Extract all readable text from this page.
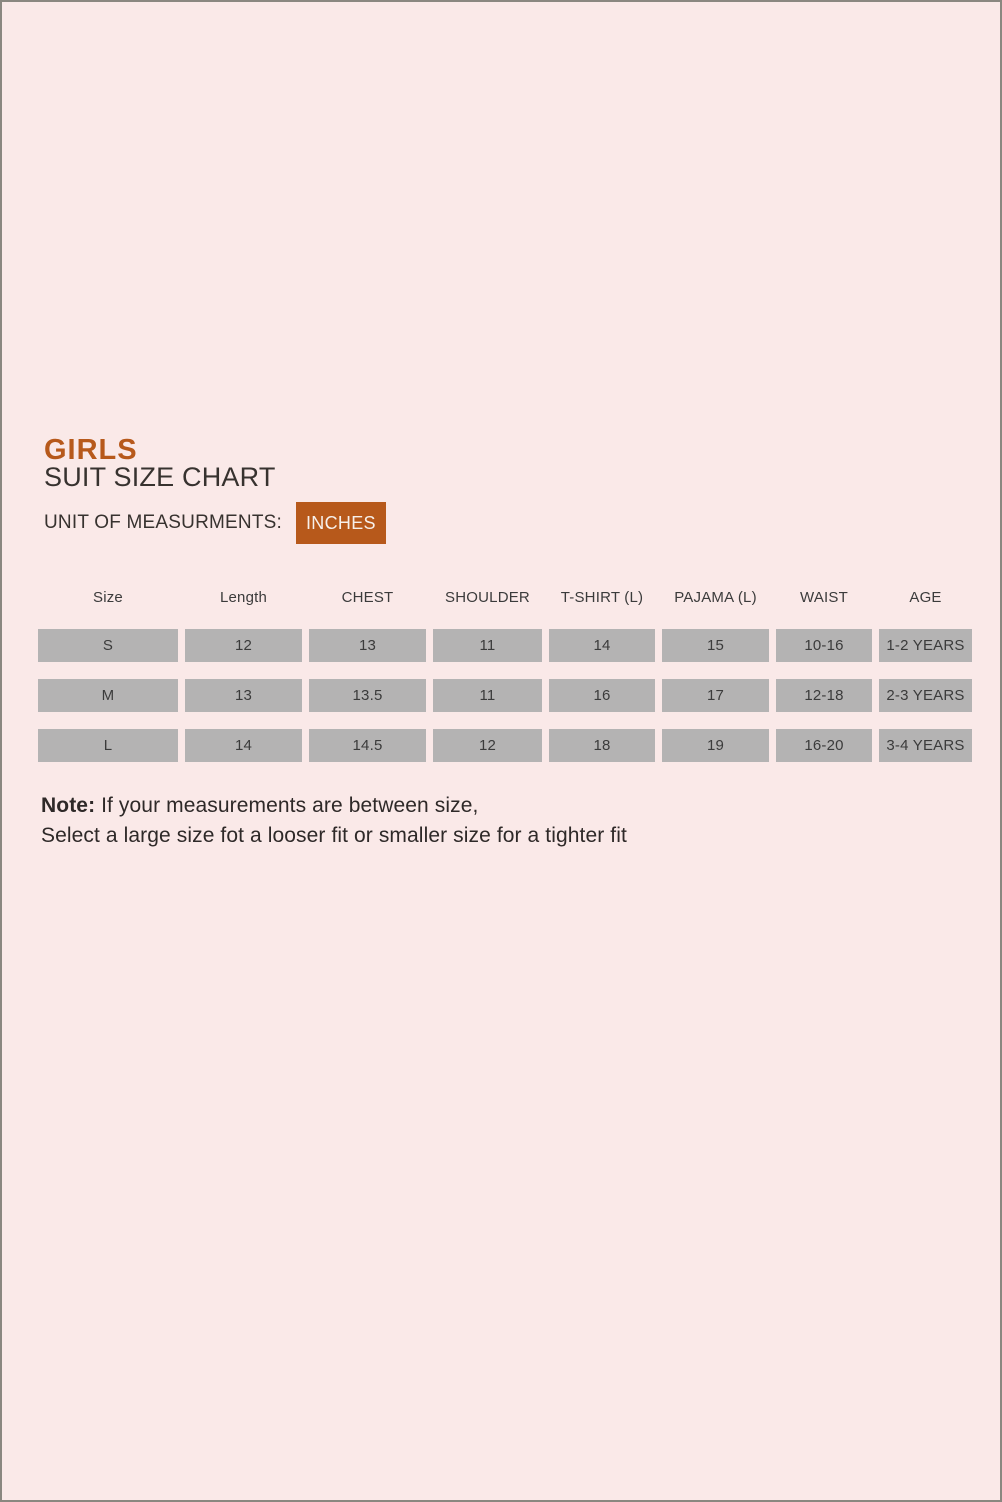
GIRLS
SUIT SIZE CHART
UNIT OF MEASURMENTS:	INCHES
Size	Length	CHEST	SHOULDER	T-SHIRT (L)	PAJAMA (L)	WAIST	AGE
S	12	13	11	14	15	10-16	1-2 YEARS
M	13	13.5	11	16	17	12-18	2-3 YEARS
L	14	14.5	12	18	19	16-20	3-4 YEARS
Note: If your measurements are between size,
Select a large size fot a looser fit or smaller size for a tighter fit
